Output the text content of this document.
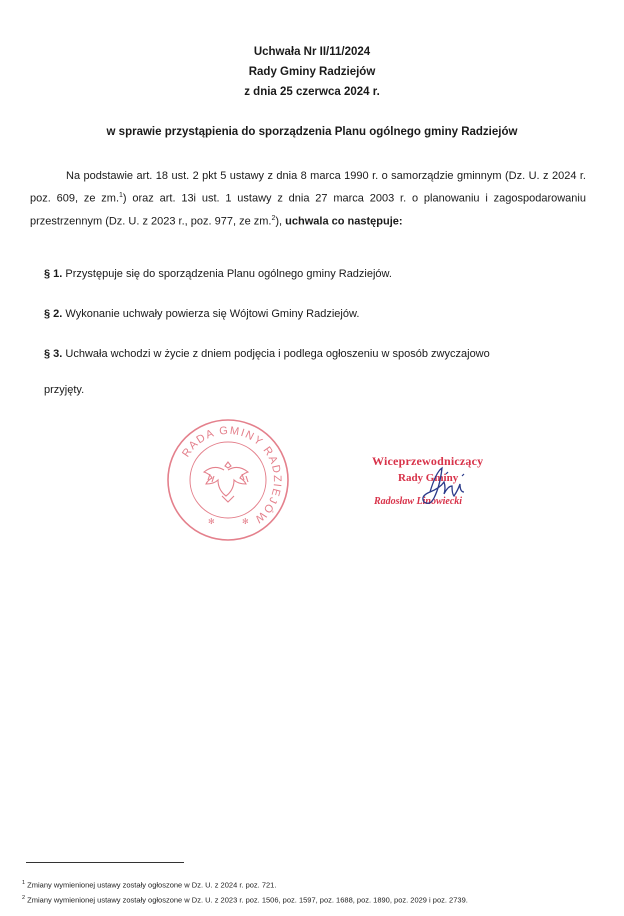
Uchwała Nr II/11/2024
Rady Gminy Radziejów
z dnia 25 czerwca 2024 r.
w sprawie przystąpienia do sporządzenia Planu ogólnego gminy Radziejów
Na podstawie art. 18 ust. 2 pkt 5 ustawy z dnia 8 marca 1990 r. o samorządzie gminnym (Dz. U. z 2024 r. poz. 609, ze zm.$^1$) oraz art. 13i ust. 1 ustawy z dnia 27 marca 2003 r. o planowaniu i zagospodarowaniu przestrzennym (Dz. U. z 2023 r., poz. 977, ze zm.$^2$), uchwala co następuje:
§ 1. Przystępuje się do sporządzenia Planu ogólnego gminy Radziejów.
§ 2. Wykonanie uchwały powierza się Wójtowi Gminy Radziejów.
§ 3. Uchwała wchodzi w życie z dniem podjęcia i podlega ogłoszeniu w sposób zwyczajowo
przyjęty.
RADA GMINY RADZIEJÓW
✻	✻
Wiceprzewodniczący
Rady Gminy
Radosław Linowiecki
$^1$ Zmiany wymienionej ustawy zostały ogłoszone w Dz. U. z 2024 r. poz. 721.
$^2$ Zmiany wymienionej ustawy zostały ogłoszone w Dz. U. z 2023 r. poz. 1506, poz. 1597, poz. 1688, poz. 1890, poz. 2029 i poz. 2739.
